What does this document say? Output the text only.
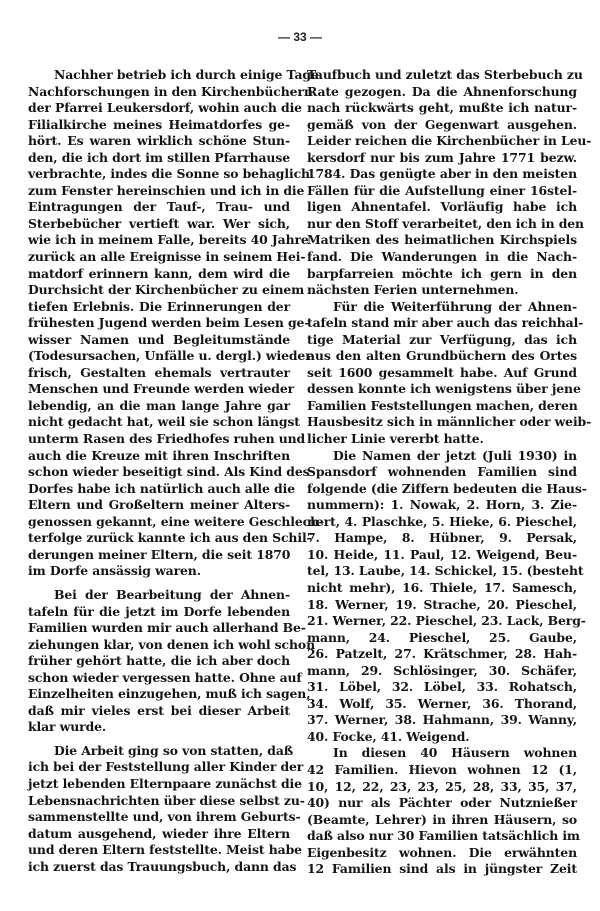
— 33 —
Nachher betrieb ich durch einige Tage
Nachforschungen in den Kirchenbüchern
der Pfarrei Leukersdorf, wohin auch die
Filialkirche meines Heimatdorfes ge-
hört. Es waren wirklich schöne Stun-
den, die ich dort im stillen Pfarrhause
verbrachte, indes die Sonne so behaglich
zum Fenster hereinschien und ich in die
Eintragungen der Tauf-, Trau- und
Sterbebücher vertieft war. Wer sich,
wie ich in meinem Falle, bereits 40 Jahre
zurück an alle Ereignisse in seinem Hei-
matdorf erinnern kann, dem wird die
Durchsicht der Kirchenbücher zu einem
tiefen Erlebnis. Die Erinnerungen der
frühesten Jugend werden beim Lesen ge-
wisser Namen und Begleitumstände
(Todesursachen, Unfälle u. dergl.) wieder
frisch, Gestalten ehemals vertrauter
Menschen und Freunde werden wieder
lebendig, an die man lange Jahre gar
nicht gedacht hat, weil sie schon längst
unterm Rasen des Friedhofes ruhen und
auch die Kreuze mit ihren Inschriften
schon wieder beseitigt sind. Als Kind des
Dorfes habe ich natürlich auch alle die
Eltern und Großeltern meiner Alters-
genossen gekannt, eine weitere Geschlech-
terfolge zurück kannte ich aus den Schil-
derungen meiner Eltern, die seit 1870
im Dorfe ansässig waren.
Bei der Bearbeitung der Ahnen-
tafeln für die jetzt im Dorfe lebenden
Familien wurden mir auch allerhand Be-
ziehungen klar, von denen ich wohl schon
früher gehört hatte, die ich aber doch
schon wieder vergessen hatte. Ohne auf
Einzelheiten einzugehen, muß ich sagen,
daß mir vieles erst bei dieser Arbeit
klar wurde.
Die Arbeit ging so von statten, daß
ich bei der Feststellung aller Kinder der
jetzt lebenden Elternpaare zunächst die
Lebensnachrichten über diese selbst zu-
sammenstellte und, von ihrem Geburts-
datum ausgehend, wieder ihre Eltern
und deren Eltern feststellte. Meist habe
ich zuerst das Trauungsbuch, dann das
Taufbuch und zuletzt das Sterbebuch zu
Rate gezogen. Da die Ahnenforschung
nach rückwärts geht, mußte ich natur-
gemäß von der Gegenwart ausgehen.
Leider reichen die Kirchenbücher in Leu-
kersdorf nur bis zum Jahre 1771 bezw.
1784. Das genügte aber in den meisten
Fällen für die Aufstellung einer 16stel-
ligen Ahnentafel. Vorläufig habe ich
nur den Stoff verarbeitet, den ich in den
Matriken des heimatlichen Kirchspiels
fand. Die Wanderungen in die Nach-
barpfarreien möchte ich gern in den
nächsten Ferien unternehmen.
Für die Weiterführung der Ahnen-
tafeln stand mir aber auch das reichhal-
tige Material zur Verfügung, das ich
aus den alten Grundbüchern des Ortes
seit 1600 gesammelt habe. Auf Grund
dessen konnte ich wenigstens über jene
Familien Feststellungen machen, deren
Hausbesitz sich in männlicher oder weib-
licher Linie vererbt hatte.
Die Namen der jetzt (Juli 1930) in
Spansdorf wohnenden Familien sind
folgende (die Ziffern bedeuten die Haus-
nummern): 1. Nowak, 2. Horn, 3. Zie-
nert, 4. Plaschke, 5. Hieke, 6. Pieschel,
7. Hampe, 8. Hübner, 9. Persak,
10. Heide, 11. Paul, 12. Weigend, Beu-
tel, 13. Laube, 14. Schickel, 15. (besteht
nicht mehr), 16. Thiele, 17. Samesch,
18. Werner, 19. Strache, 20. Pieschel,
21. Werner, 22. Pieschel, 23. Lack, Berg-
mann, 24. Pieschel, 25. Gaube,
26. Patzelt, 27. Krätschmer, 28. Hah-
mann, 29. Schlösinger, 30. Schäfer,
31. Löbel, 32. Löbel, 33. Rohatsch,
34. Wolf, 35. Werner, 36. Thorand,
37. Werner, 38. Hahmann, 39. Wanny,
40. Focke, 41. Weigend.
In diesen 40 Häusern wohnen
42 Familien. Hievon wohnen 12 (1,
10, 12, 22, 23, 23, 25, 28, 33, 35, 37,
40) nur als Pächter oder Nutznießer
(Beamte, Lehrer) in ihren Häusern, so
daß also nur 30 Familien tatsächlich im
Eigenbesitz wohnen. Die erwähnten
12 Familien sind als in jüngster Zeit
